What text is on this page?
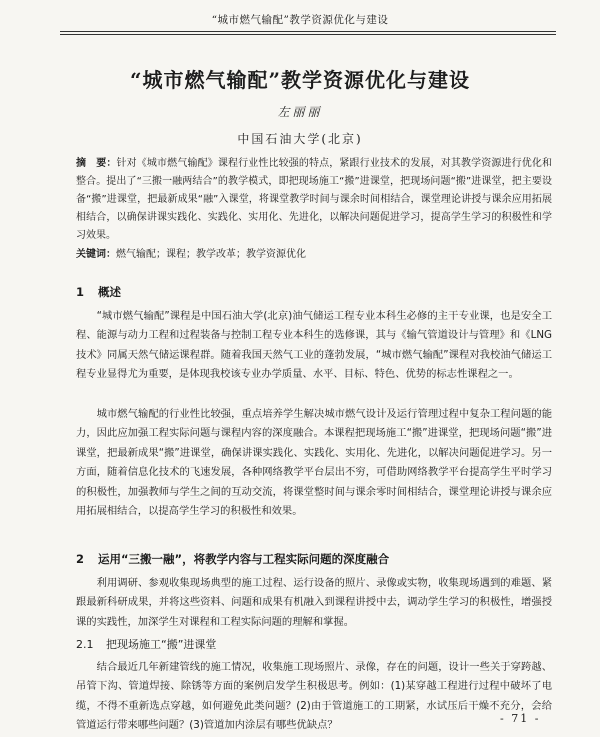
“城市燃气输配”教学资源优化与建设
“城市燃气输配”教学资源优化与建设
左丽丽
中国石油大学(北京)
摘　要：针对《城市燃气输配》课程行业性比较强的特点，紧跟行业技术的发展，对其教学资源进行优化和整合。提出了“三搬一融两结合”的教学模式，即把现场施工“搬”进课堂，把现场问题“搬”进课堂，把主要设备“搬”进课堂，把最新成果“融”入课堂，将课堂教学时间与课余时间相结合，课堂理论讲授与课余应用拓展相结合，以确保讲课实践化、实践化、实用化、先进化，以解决问题促进学习，提高学生学习的积极性和学习效果。
关键词：燃气输配；课程；教学改革；教学资源优化
1 概述
“城市燃气输配”课程是中国石油大学(北京)油气储运工程专业本科生必修的主干专业课，也是安全工程、能源与动力工程和过程装备与控制工程专业本科生的选修课，其与《输气管道设计与管理》和《LNG技术》同属天然气储运课程群。随着我国天然气工业的蓬勃发展，“城市燃气输配”课程对我校油气储运工程专业显得尤为重要，是体现我校该专业办学质量、水平、目标、特色、优势的标志性课程之一。
城市燃气输配的行业性比较强，重点培养学生解决城市燃气设计及运行管理过程中复杂工程问题的能力，因此应加强工程实际问题与课程内容的深度融合。本课程把现场施工“搬”进课堂，把现场问题“搬”进课堂，把最新成果“搬”进课堂，确保讲课实践化、实践化、实用化、先进化，以解决问题促进学习。另一方面，随着信息化技术的飞速发展，各种网络教学平台层出不穷，可借助网络教学平台提高学生平时学习的积极性，加强教师与学生之间的互动交流，将课堂整时间与课余零时间相结合，课堂理论讲授与课余应用拓展相结合，以提高学生学习的积极性和效果。
2 运用“三搬一融”，将教学内容与工程实际问题的深度融合
利用调研、参观收集现场典型的施工过程、运行设备的照片、录像或实物，收集现场遇到的难题、紧跟最新科研成果，并将这些资料、问题和成果有机融入到课程讲授中去，调动学生学习的积极性，增强授课的实践性，加深学生对课程和工程实际问题的理解和掌握。
2.1 把现场施工“搬”进课堂
结合最近几年新建管线的施工情况，收集施工现场照片、录像，存在的问题，设计一些关于穿跨越、吊管下沟、管道焊接、除锈等方面的案例启发学生积极思考。例如：(1)某穿越工程进行过程中破坏了电缆，不得不重新选点穿越，如何避免此类问题？(2)由于管道施工的工期紧，水试压后干燥不充分，会给管道运行带来哪些问题？(3)管道加内涂层有哪些优缺点？
- 71 -
